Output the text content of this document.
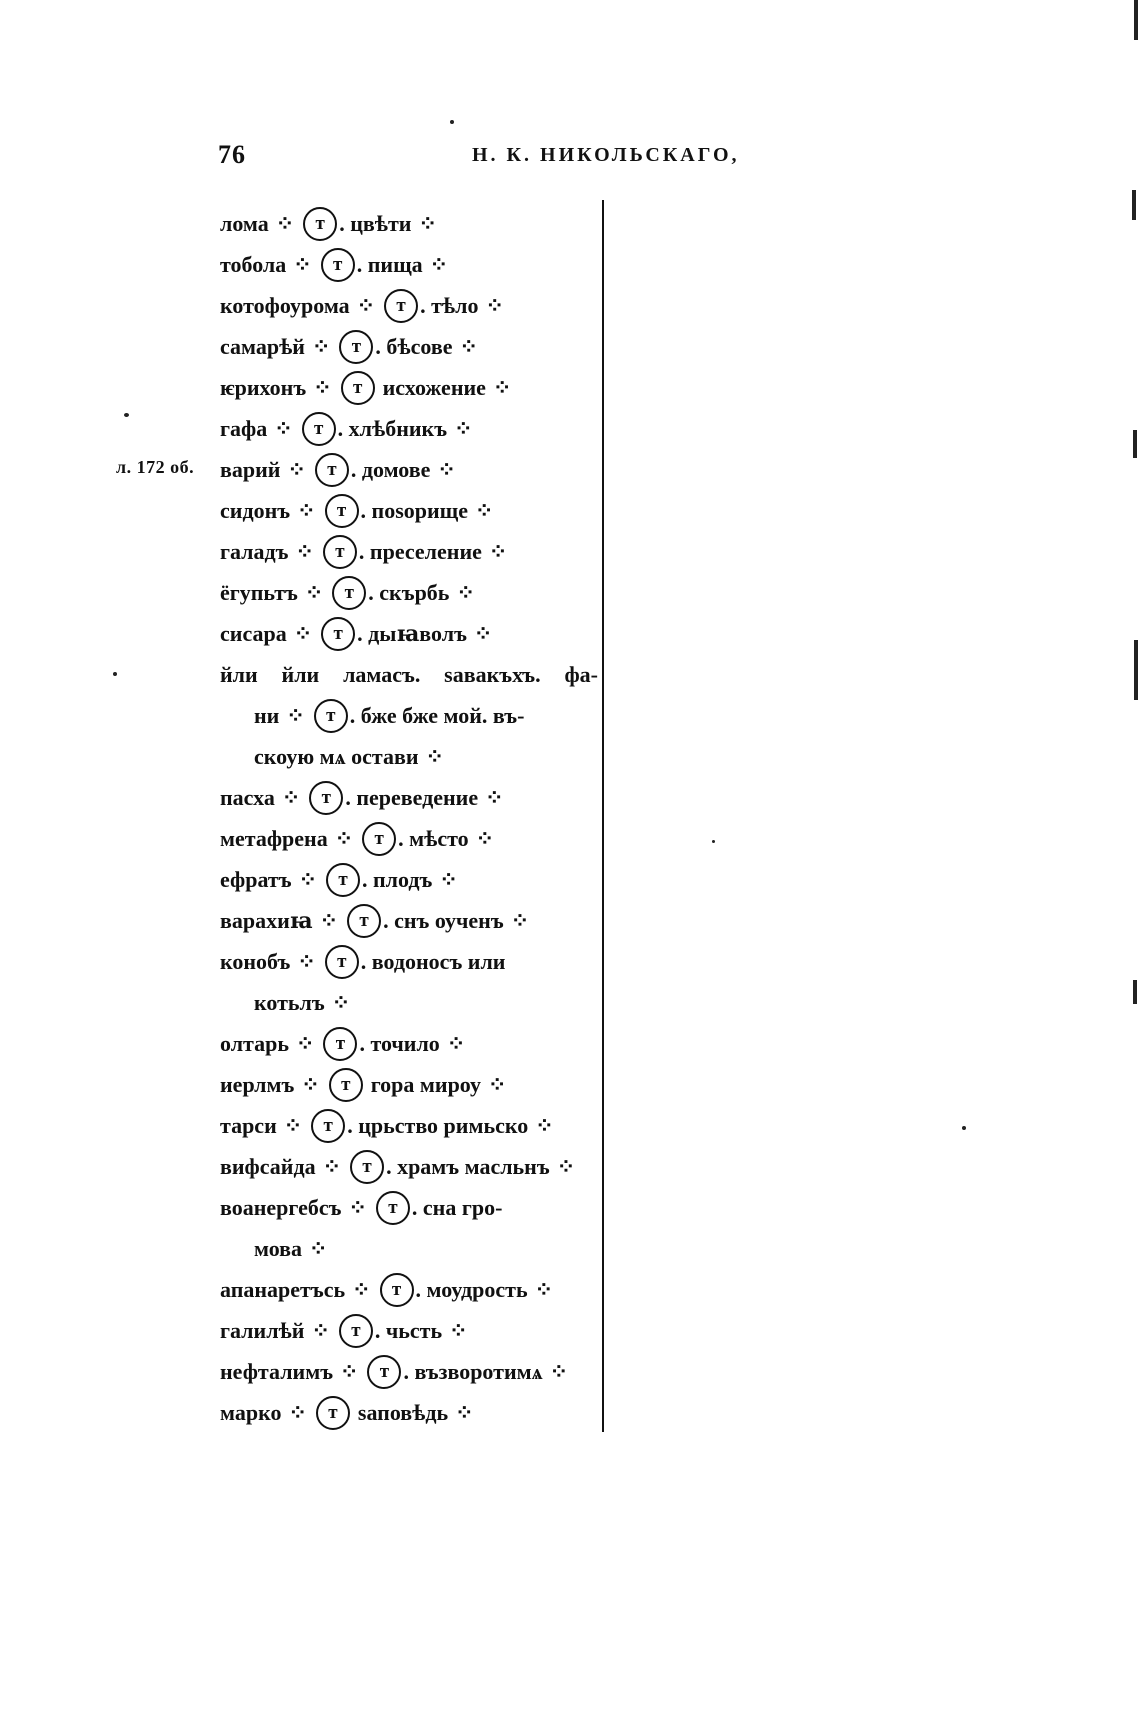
76	Н. К. НИКОЛЬСКАГО,
л. 172 об.
лома ⁘	т . цвѣти ⁘
тобола ⁘	т . пища ⁘
котофоурома ⁘	т . тѣло ⁘
самарѣй ⁘	т . бѣсове ⁘
ѥрихонъ ⁘	т исхожение ⁘
гафа ⁘	т . хлѣбникъ ⁘
варий ⁘	т . домове ⁘
сидонъ ⁘	т . поѕорище ⁘
галадъ ⁘	т . преселение ⁘
ёгупьтъ ⁘	т . скърбь ⁘
сисара ⁘	т . дыꙗволъ ⁘
йли йли ламасъ. ѕавакъхъ. фа-
ни ⁘	т . бже бже мой. въ-
скоую мѧ остави ⁘
пасха ⁘	т . переведение ⁘
метафрена ⁘	т . мѣсто ⁘
ефратъ ⁘	т . плодъ ⁘
варахиꙗ ⁘	т . снъ оученъ ⁘
конобъ ⁘	т . водоносъ или
котьлъ ⁘
олтарь ⁘	т . точило ⁘
иерлмъ ⁘	т гора мироу ⁘
тарси ⁘	т . црьство римьско ⁘
вифсайда ⁘	т . храмъ масльнъ ⁘
воанергебсъ ⁘	т . сна гро-
мова ⁘
апанаретъсь ⁘	т . моудрость ⁘
галилѣй ⁘	т . чьсть ⁘
нефталимъ ⁘	т . възворотимѧ ⁘
марко ⁘	т ѕаповѣдь ⁘
